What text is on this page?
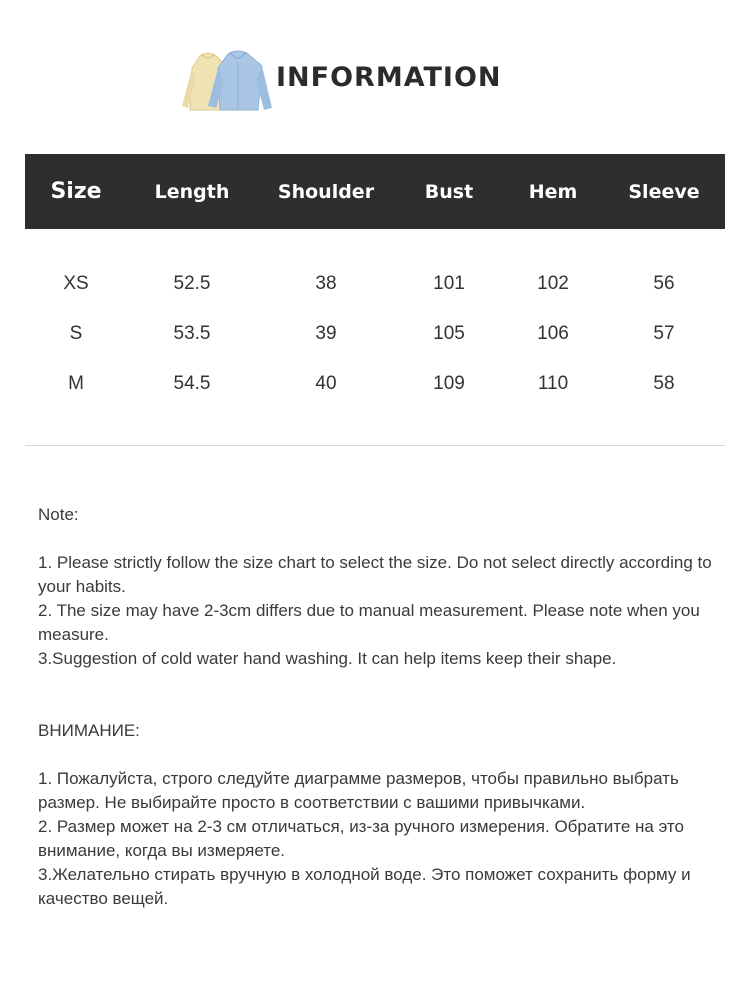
INFORMATION
Size	Length	Shoulder	Bust	Hem	Sleeve
XS	52.5	38	101	102	56
S	53.5	39	105	106	57
M	54.5	40	109	110	58

Note:

1. Please strictly follow the size chart to select the size. Do not select directly according to your habits.

2. The size may have 2-3cm differs due to manual measurement. Please note when you measure.

3.Suggestion of cold water hand washing. It can help items keep their shape.

ВНИМАНИЕ:

1. Пожалуйста, строго следуйте диаграмме размеров, чтобы правильно выбрать размер. Не выбирайте просто в соответствии с вашими привычками.

2. Размер может на 2-3 см отличаться, из-за ручного измерения. Обратите на это внимание, когда вы измеряете.

3.Желательно стирать вручную в холодной воде. Это поможет сохранить форму и качество вещей.
